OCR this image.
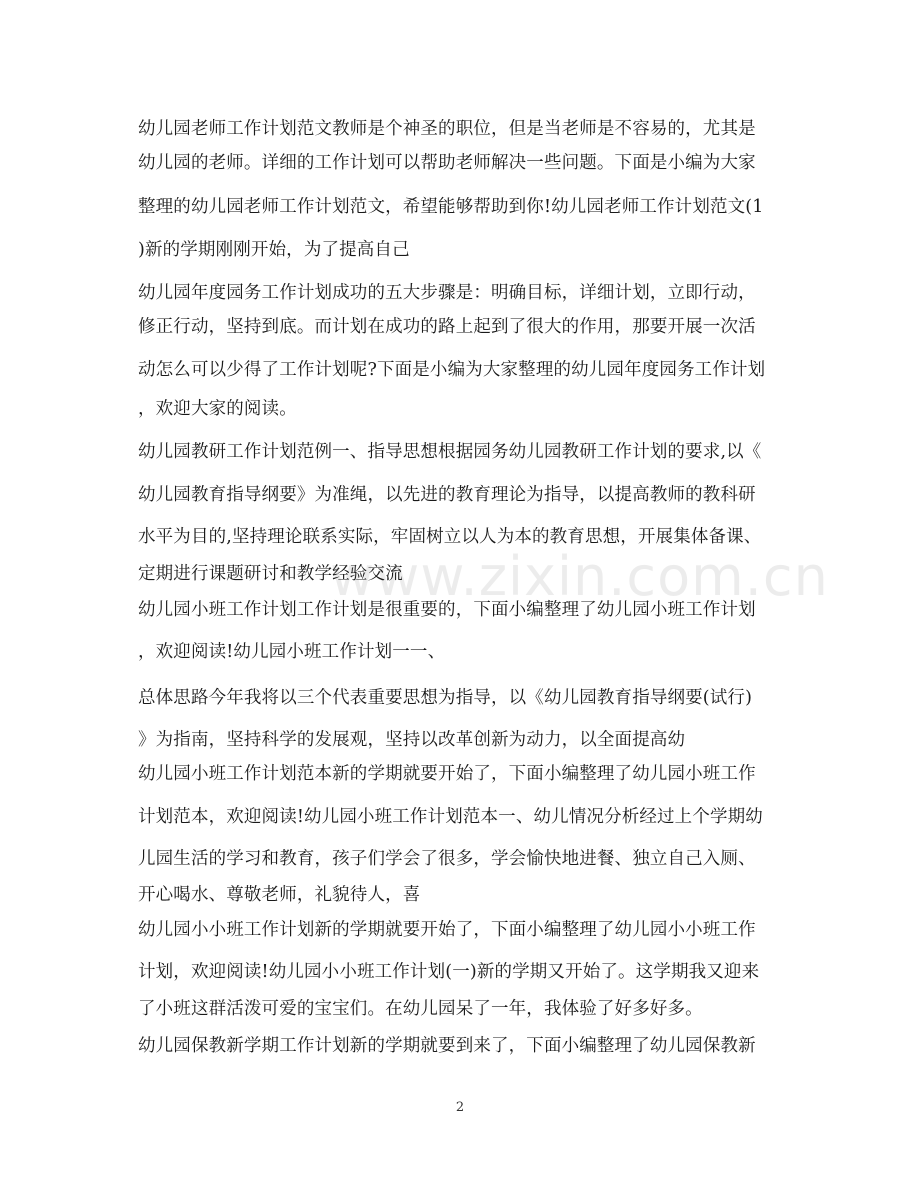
www.zixin.com.cn
幼儿园老师工作计划范文教师是个神圣的职位，但是当老师是不容易的，尤其是
幼儿园的老师。详细的工作计划可以帮助老师解决一些问题。下面是小编为大家
整理的幼儿园老师工作计划范文，希望能够帮助到你!幼儿园老师工作计划范文(1
)新的学期刚刚开始，为了提高自己
幼儿园年度园务工作计划成功的五大步骤是：明确目标，详细计划，立即行动，
修正行动，坚持到底。而计划在成功的路上起到了很大的作用，那要开展一次活
动怎么可以少得了工作计划呢?下面是小编为大家整理的幼儿园年度园务工作计划
，欢迎大家的阅读。
幼儿园教研工作计划范例一、指导思想根据园务幼儿园教研工作计划的要求,以《
幼儿园教育指导纲要》为准绳，以先进的教育理论为指导，以提高教师的教科研
水平为目的,坚持理论联系实际，牢固树立以人为本的教育思想，开展集体备课、
定期进行课题研讨和教学经验交流
幼儿园小班工作计划工作计划是很重要的，下面小编整理了幼儿园小班工作计划
，欢迎阅读!幼儿园小班工作计划一一、
总体思路今年我将以三个代表重要思想为指导，以《幼儿园教育指导纲要(试行)
》为指南，坚持科学的发展观，坚持以改革创新为动力，以全面提高幼
幼儿园小班工作计划范本新的学期就要开始了，下面小编整理了幼儿园小班工作
计划范本，欢迎阅读!幼儿园小班工作计划范本一、幼儿情况分析经过上个学期幼
儿园生活的学习和教育，孩子们学会了很多，学会愉快地进餐、独立自己入厕、
开心喝水、尊敬老师，礼貌待人，喜
幼儿园小小班工作计划新的学期就要开始了，下面小编整理了幼儿园小小班工作
计划，欢迎阅读!幼儿园小小班工作计划(一)新的学期又开始了。这学期我又迎来
了小班这群活泼可爱的宝宝们。在幼儿园呆了一年，我体验了好多好多。
幼儿园保教新学期工作计划新的学期就要到来了，下面小编整理了幼儿园保教新
2
